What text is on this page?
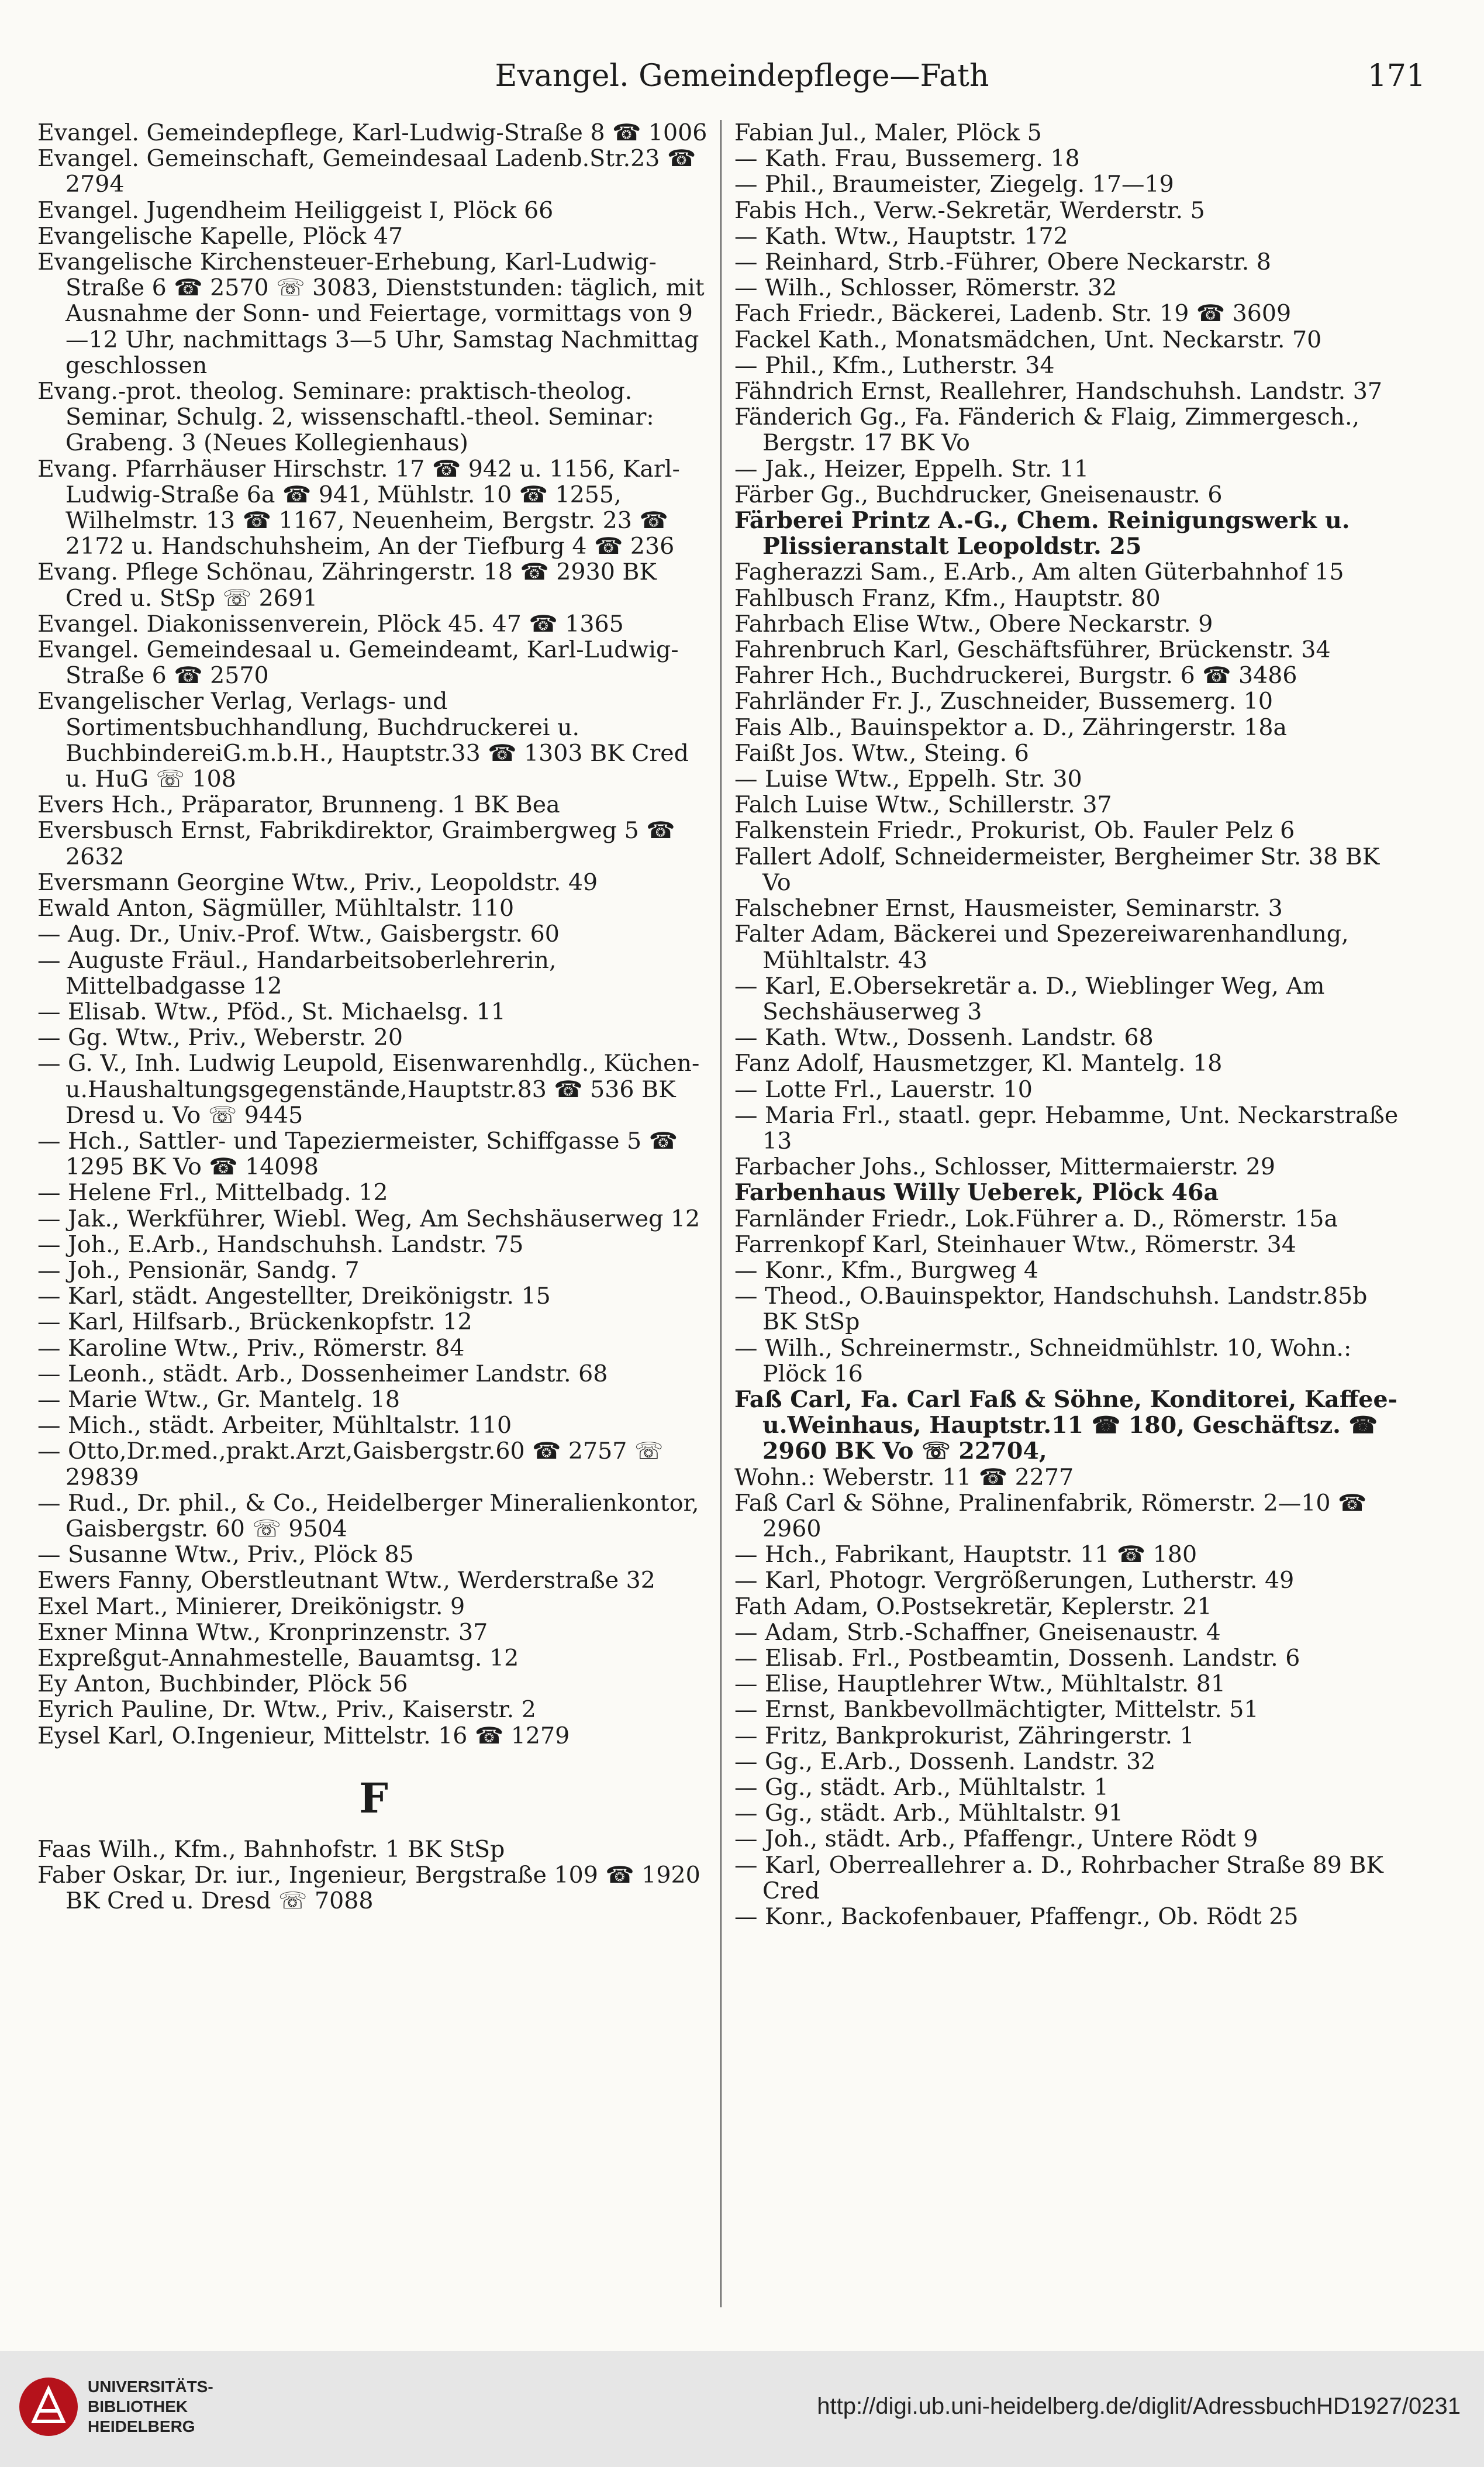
Evangel. Gemeindepflege—Fath	171
Evangel. Gemeindepflege, Karl-Ludwig-Straße 8 ☎ 1006
Evangel. Gemeinschaft, Gemeindesaal Ladenb.Str.23 ☎ 2794
Evangel. Jugendheim Heiliggeist I, Plöck 66
Evangelische Kapelle, Plöck 47
Evangelische Kirchensteuer-Erhebung, Karl-Ludwig-Straße 6 ☎ 2570 ☏ 3083, Dienststunden: täglich, mit Ausnahme der Sonn- und Feiertage, vormittags von 9—12 Uhr, nachmittags 3—5 Uhr, Samstag Nachmittag geschlossen
Evang.-prot. theolog. Seminare: praktisch-theolog. Seminar, Schulg. 2, wissenschaftl.-theol. Seminar: Grabeng. 3 (Neues Kollegienhaus)
Evang. Pfarrhäuser Hirschstr. 17 ☎ 942 u. 1156, Karl-Ludwig-Straße 6a ☎ 941, Mühlstr. 10 ☎ 1255, Wilhelmstr. 13 ☎ 1167, Neuenheim, Bergstr. 23 ☎ 2172 u. Handschuhsheim, An der Tiefburg 4 ☎ 236
Evang. Pflege Schönau, Zähringerstr. 18 ☎ 2930 BK Cred u. StSp ☏ 2691
Evangel. Diakonissenverein, Plöck 45. 47 ☎ 1365
Evangel. Gemeindesaal u. Gemeindeamt, Karl-Ludwig-Straße 6 ☎ 2570
Evangelischer Verlag, Verlags- und Sortimentsbuchhandlung, Buchdruckerei u. BuchbindereiG.m.b.H., Hauptstr.33 ☎ 1303 BK Cred u. HuG ☏ 108
Evers Hch., Präparator, Brunneng. 1 BK Bea
Eversbusch Ernst, Fabrikdirektor, Graimbergweg 5 ☎ 2632
Eversmann Georgine Wtw., Priv., Leopoldstr. 49
Ewald Anton, Sägmüller, Mühltalstr. 110
— Aug. Dr., Univ.-Prof. Wtw., Gaisbergstr. 60
— Auguste Fräul., Handarbeitsoberlehrerin, Mittelbadgasse 12
— Elisab. Wtw., Pföd., St. Michaelsg. 11
— Gg. Wtw., Priv., Weberstr. 20
— G. V., Inh. Ludwig Leupold, Eisenwarenhdlg., Küchen- u.Haushaltungsgegenstände,Hauptstr.83 ☎ 536 BK Dresd u. Vo ☏ 9445
— Hch., Sattler- und Tapeziermeister, Schiffgasse 5 ☎ 1295 BK Vo ☎ 14098
— Helene Frl., Mittelbadg. 12
— Jak., Werkführer, Wiebl. Weg, Am Sechshäuserweg 12
— Joh., E.Arb., Handschuhsh. Landstr. 75
— Joh., Pensionär, Sandg. 7
— Karl, städt. Angestellter, Dreikönigstr. 15
— Karl, Hilfsarb., Brückenkopfstr. 12
— Karoline Wtw., Priv., Römerstr. 84
— Leonh., städt. Arb., Dossenheimer Landstr. 68
— Marie Wtw., Gr. Mantelg. 18
— Mich., städt. Arbeiter, Mühltalstr. 110
— Otto,Dr.med.,prakt.Arzt,Gaisbergstr.60 ☎ 2757 ☏ 29839
— Rud., Dr. phil., & Co., Heidelberger Mineralienkontor, Gaisbergstr. 60 ☏ 9504
— Susanne Wtw., Priv., Plöck 85
Ewers Fanny, Oberstleutnant Wtw., Werderstraße 32
Exel Mart., Minierer, Dreikönigstr. 9
Exner Minna Wtw., Kronprinzenstr. 37
Expreßgut-Annahmestelle, Bauamtsg. 12
Ey Anton, Buchbinder, Plöck 56
Eyrich Pauline, Dr. Wtw., Priv., Kaiserstr. 2
Eysel Karl, O.Ingenieur, Mittelstr. 16 ☎ 1279
F
Faas Wilh., Kfm., Bahnhofstr. 1 BK StSp
Faber Oskar, Dr. iur., Ingenieur, Bergstraße 109 ☎ 1920 BK Cred u. Dresd ☏ 7088
Fabian Jul., Maler, Plöck 5
— Kath. Frau, Bussemerg. 18
— Phil., Braumeister, Ziegelg. 17—19
Fabis Hch., Verw.-Sekretär, Werderstr. 5
— Kath. Wtw., Hauptstr. 172
— Reinhard, Strb.-Führer, Obere Neckarstr. 8
— Wilh., Schlosser, Römerstr. 32
Fach Friedr., Bäckerei, Ladenb. Str. 19 ☎ 3609
Fackel Kath., Monatsmädchen, Unt. Neckarstr. 70
— Phil., Kfm., Lutherstr. 34
Fähndrich Ernst, Reallehrer, Handschuhsh. Landstr. 37
Fänderich Gg., Fa. Fänderich & Flaig, Zimmergesch., Bergstr. 17 BK Vo
— Jak., Heizer, Eppelh. Str. 11
Färber Gg., Buchdrucker, Gneisenaustr. 6
Färberei Printz A.-G., Chem. Reinigungswerk u. Plissieranstalt Leopoldstr. 25
Fagherazzi Sam., E.Arb., Am alten Güterbahnhof 15
Fahlbusch Franz, Kfm., Hauptstr. 80
Fahrbach Elise Wtw., Obere Neckarstr. 9
Fahrenbruch Karl, Geschäftsführer, Brückenstr. 34
Fahrer Hch., Buchdruckerei, Burgstr. 6 ☎ 3486
Fahrländer Fr. J., Zuschneider, Bussemerg. 10
Fais Alb., Bauinspektor a. D., Zähringerstr. 18a
Faißt Jos. Wtw., Steing. 6
— Luise Wtw., Eppelh. Str. 30
Falch Luise Wtw., Schillerstr. 37
Falkenstein Friedr., Prokurist, Ob. Fauler Pelz 6
Fallert Adolf, Schneidermeister, Bergheimer Str. 38 BK Vo
Falschebner Ernst, Hausmeister, Seminarstr. 3
Falter Adam, Bäckerei und Spezereiwarenhandlung, Mühltalstr. 43
— Karl, E.Obersekretär a. D., Wieblinger Weg, Am Sechshäuserweg 3
— Kath. Wtw., Dossenh. Landstr. 68
Fanz Adolf, Hausmetzger, Kl. Mantelg. 18
— Lotte Frl., Lauerstr. 10
— Maria Frl., staatl. gepr. Hebamme, Unt. Neckarstraße 13
Farbacher Johs., Schlosser, Mittermaierstr. 29
Farbenhaus Willy Ueberek, Plöck 46a
Farnländer Friedr., Lok.Führer a. D., Römerstr. 15a
Farrenkopf Karl, Steinhauer Wtw., Römerstr. 34
— Konr., Kfm., Burgweg 4
— Theod., O.Bauinspektor, Handschuhsh. Landstr.85b BK StSp
— Wilh., Schreinermstr., Schneidmühlstr. 10, Wohn.: Plöck 16
Faß Carl, Fa. Carl Faß & Söhne, Konditorei, Kaffee-u.Weinhaus, Hauptstr.11 ☎ 180, Geschäftsz. ☎ 2960 BK Vo ☏ 22704,
Wohn.: Weberstr. 11 ☎ 2277
Faß Carl & Söhne, Pralinenfabrik, Römerstr. 2—10 ☎ 2960
— Hch., Fabrikant, Hauptstr. 11 ☎ 180
— Karl, Photogr. Vergrößerungen, Lutherstr. 49
Fath Adam, O.Postsekretär, Keplerstr. 21
— Adam, Strb.-Schaffner, Gneisenaustr. 4
— Elisab. Frl., Postbeamtin, Dossenh. Landstr. 6
— Elise, Hauptlehrer Wtw., Mühltalstr. 81
— Ernst, Bankbevollmächtigter, Mittelstr. 51
— Fritz, Bankprokurist, Zähringerstr. 1
— Gg., E.Arb., Dossenh. Landstr. 32
— Gg., städt. Arb., Mühltalstr. 1
— Gg., städt. Arb., Mühltalstr. 91
— Joh., städt. Arb., Pfaffengr., Untere Rödt 9
— Karl, Oberreallehrer a. D., Rohrbacher Straße 89 BK Cred
— Konr., Backofenbauer, Pfaffengr., Ob. Rödt 25
UNIVERSITÄTS-
BIBLIOTHEK
HEIDELBERG
http://digi.ub.uni-heidelberg.de/diglit/AdressbuchHD1927/0231
